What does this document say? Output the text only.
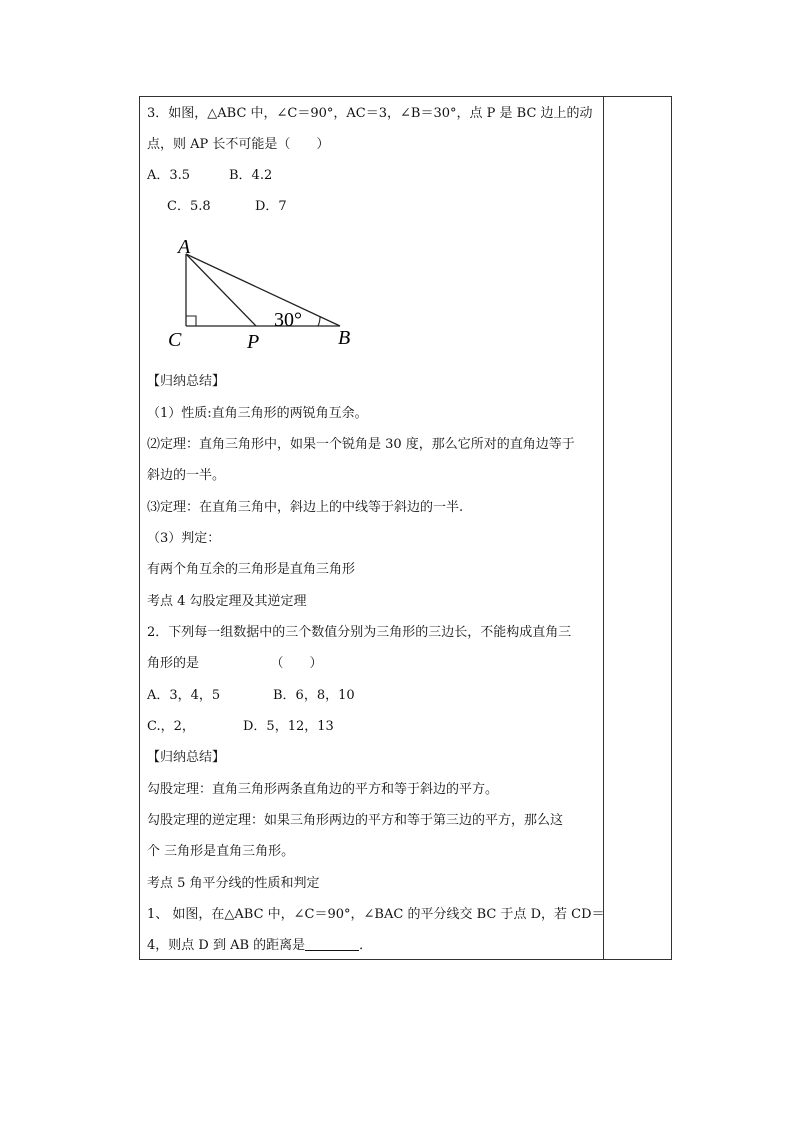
3．如图，△ABC 中，∠C＝90°，AC＝3，∠B＝30°，点 P 是 BC 边上的动
点，则 AP 长不可能是（　　）
A．3.5	B．4.2
C．5.8	D．7
【归纳总结】
（1）性质:直角三角形的两锐角互余。
⑵定理：直角三角形中，如果一个锐角是 30 度，那么它所对的直角边等于
斜边的一半。
⑶定理：在直角三角中，斜边上的中线等于斜边的一半.
（3）判定：
有两个角互余的三角形是直角三角形
考点 4 勾股定理及其逆定理
2．下列每一组数据中的三个数值分别为三角形的三边长，不能构成直角三
角形的是　　　　　　（　　）
A．3，4，5	B．6，8，10
C.，2，	D．5，12，13
【归纳总结】
勾股定理：直角三角形两条直角边的平方和等于斜边的平方。
勾股定理的逆定理：如果三角形两边的平方和等于第三边的平方，那么这
个 三角形是直角三角形。
考点 5 角平分线的性质和判定
1、 如图，在△ABC 中，∠C＝90°，∠BAC 的平分线交 BC 于点 D，若 CD＝
4，则点 D 到 AB 的距离是	．
A
C	P	B
30°
